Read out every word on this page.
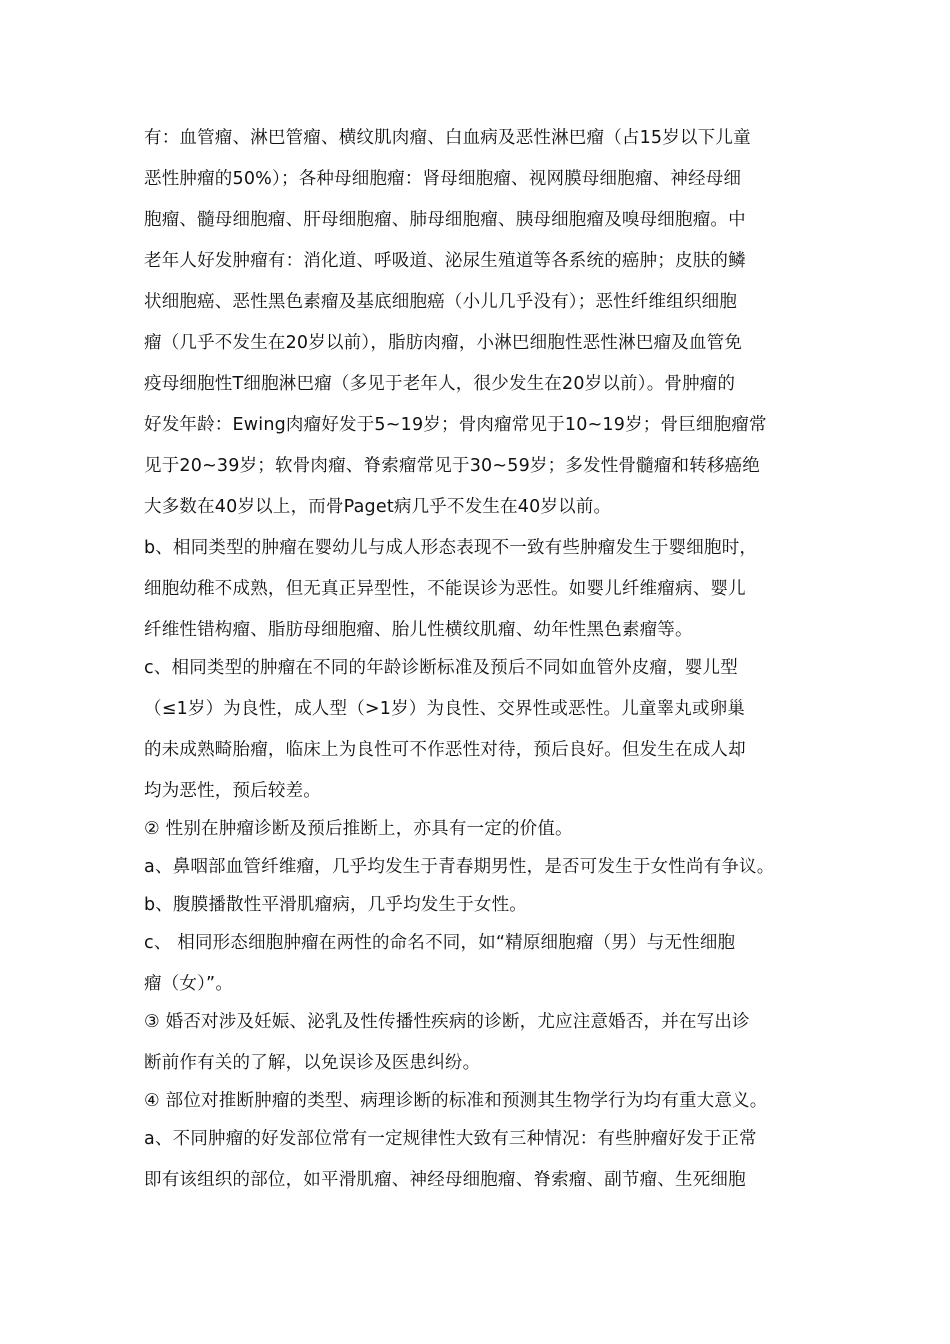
有：血管瘤、淋巴管瘤、横纹肌肉瘤、白血病及恶性淋巴瘤（占15岁以下儿童
恶性肿瘤的50%）；各种母细胞瘤：肾母细胞瘤、视网膜母细胞瘤、神经母细
胞瘤、髓母细胞瘤、肝母细胞瘤、肺母细胞瘤、胰母细胞瘤及嗅母细胞瘤。中
老年人好发肿瘤有：消化道、呼吸道、泌尿生殖道等各系统的癌肿；皮肤的鳞
状细胞癌、恶性黑色素瘤及基底细胞癌（小儿几乎没有）；恶性纤维组织细胞
瘤（几乎不发生在20岁以前），脂肪肉瘤，小淋巴细胞性恶性淋巴瘤及血管免
疫母细胞性T细胞淋巴瘤（多见于老年人，很少发生在20岁以前）。骨肿瘤的
好发年龄：Ewing肉瘤好发于5~19岁；骨肉瘤常见于10~19岁；骨巨细胞瘤常
见于20~39岁；软骨肉瘤、脊索瘤常见于30~59岁；多发性骨髓瘤和转移癌绝
大多数在40岁以上，而骨Paget病几乎不发生在40岁以前。
b、相同类型的肿瘤在婴幼儿与成人形态表现不一致有些肿瘤发生于婴细胞时，
细胞幼稚不成熟，但无真正异型性，不能误诊为恶性。如婴儿纤维瘤病、婴儿
纤维性错构瘤、脂肪母细胞瘤、胎儿性横纹肌瘤、幼年性黑色素瘤等。
c、相同类型的肿瘤在不同的年龄诊断标准及预后不同如血管外皮瘤，婴儿型
（≤1岁）为良性，成人型（>1岁）为良性、交界性或恶性。儿童睾丸或卵巢
的未成熟畸胎瘤，临床上为良性可不作恶性对待，预后良好。但发生在成人却
均为恶性，预后较差。
② 性别在肿瘤诊断及预后推断上，亦具有一定的价值。
a、鼻咽部血管纤维瘤，几乎均发生于青春期男性，是否可发生于女性尚有争议。
b、腹膜播散性平滑肌瘤病，几乎均发生于女性。
c、 相同形态细胞肿瘤在两性的命名不同，如“精原细胞瘤（男）与无性细胞
瘤（女）”。
③ 婚否对涉及妊娠、泌乳及性传播性疾病的诊断，尤应注意婚否，并在写出诊
断前作有关的了解，以免误诊及医患纠纷。
④ 部位对推断肿瘤的类型、病理诊断的标准和预测其生物学行为均有重大意义。
a、不同肿瘤的好发部位常有一定规律性大致有三种情况：有些肿瘤好发于正常
即有该组织的部位，如平滑肌瘤、神经母细胞瘤、脊索瘤、副节瘤、生死细胞
